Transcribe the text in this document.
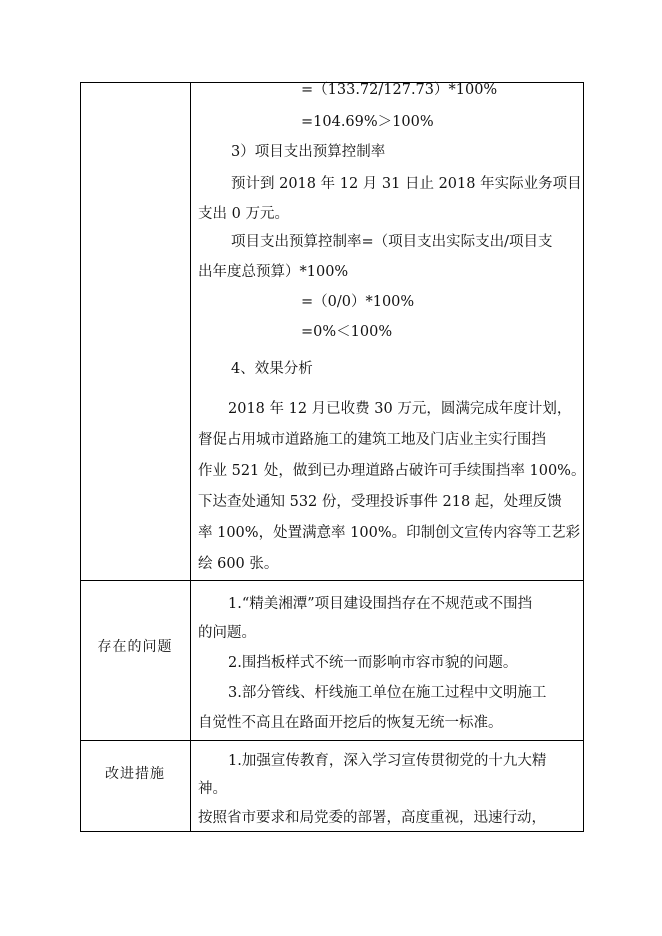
=（133.72/127.73）*100%
=104.69%＞100%
3）项目支出预算控制率
预计到 2018 年 12 月 31 日止 2018 年实际业务项目
支出 0 万元。
项目支出预算控制率=（项目支出实际支出/项目支
出年度总预算）*100%
=（0/0）*100%
=0%＜100%
4、效果分析
2018 年 12 月已收费 30 万元，圆满完成年度计划，
督促占用城市道路施工的建筑工地及门店业主实行围挡
作业 521 处，做到已办理道路占破许可手续围挡率 100%。
下达查处通知 532 份，受理投诉事件 218 起，处理反馈
率 100%，处置满意率 100%。印制创文宣传内容等工艺彩
绘 600 张。
存在的问题
1.“精美湘潭”项目建设围挡存在不规范或不围挡
的问题。
2.围挡板样式不统一而影响市容市貌的问题。
3.部分管线、杆线施工单位在施工过程中文明施工
自觉性不高且在路面开挖后的恢复无统一标准。
改进措施
1.加强宣传教育，深入学习宣传贯彻党的十九大精
神。
按照省市要求和局党委的部署，高度重视，迅速行动，
